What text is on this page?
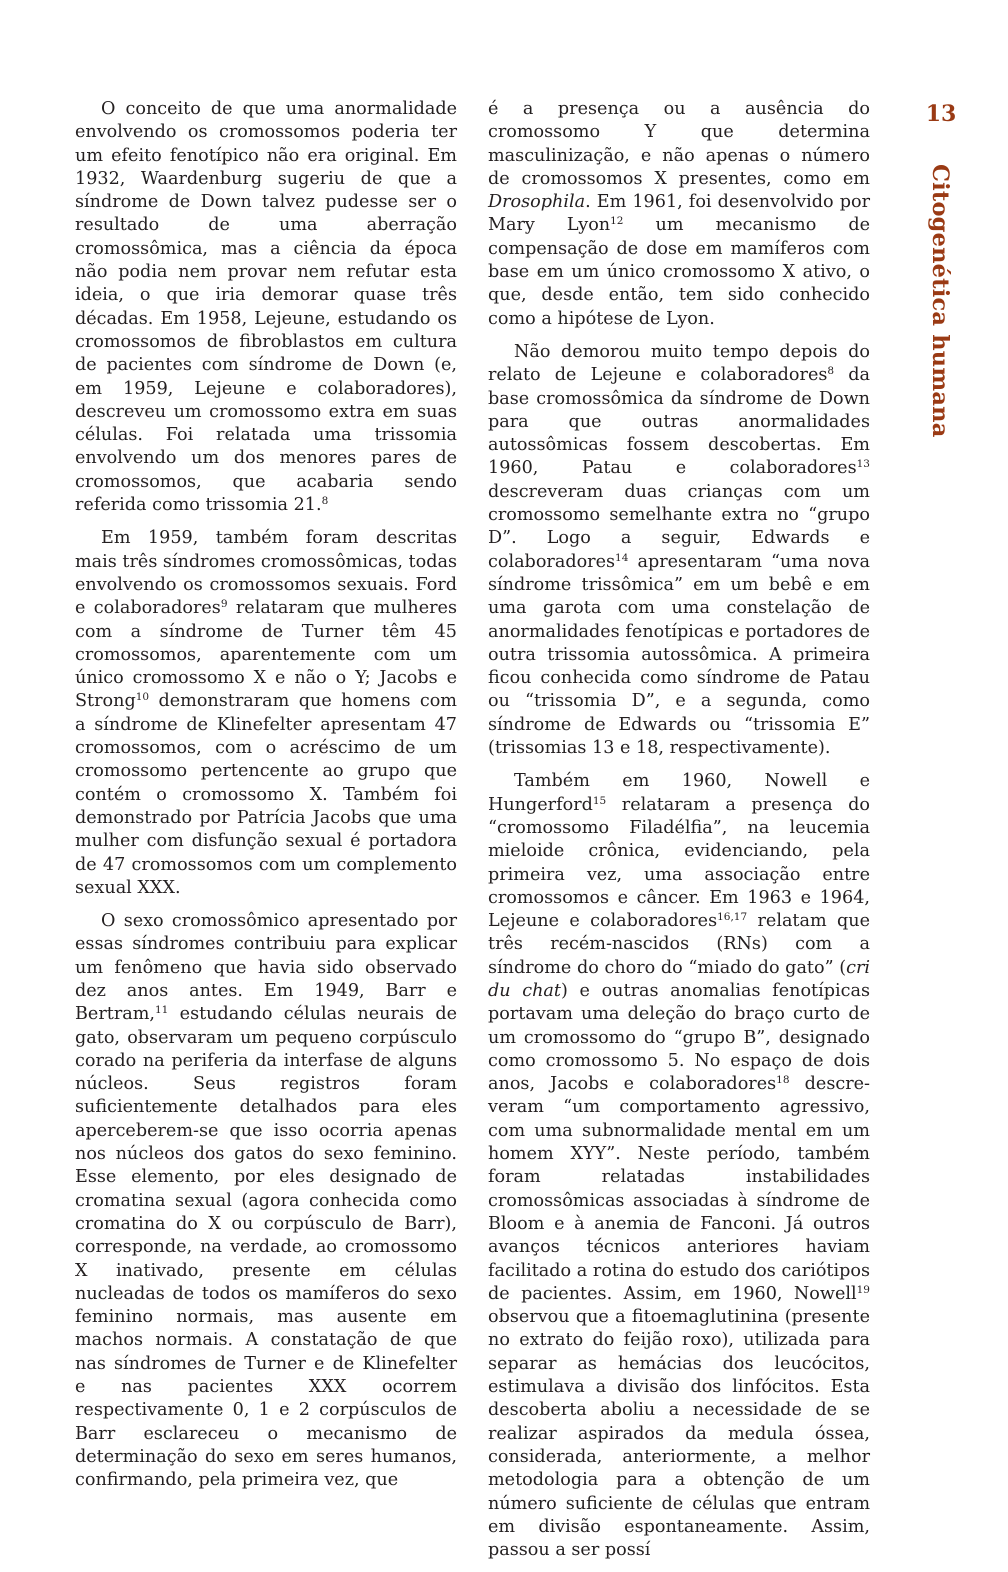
13
Citogenética humana

O conceito de que uma anormalidade envolvendo os cromossomos poderia ter um efeito fenotípico não era original. Em 1932, Waardenburg sugeriu de que a síndrome de Down talvez pudesse ser o resultado de uma aberração cromossômica, mas a ciência da época não podia nem provar nem refutar esta ideia, o que iria demorar quase três décadas. Em 1958, Lejeune, estudando os cromossomos de fibroblastos em cultura de pacientes com síndrome de Down (e, em 1959, Lejeune e colaboradores), descreveu um cromossomo extra em suas células. Foi relatada uma trissomia envolvendo um dos menores pares de cromossomos, que acabaria sendo referida como trissomia 21.$^8$

Em 1959, também foram descritas mais três síndromes cromossômicas, todas envolvendo os cromossomos sexuais. Ford e colaboradores$^9$ relataram que mulheres com a síndrome de Turner têm 45 cromossomos, aparentemente com um único cromossomo X e não o Y; Jacobs e Strong$^{10}$ demonstraram que homens com a síndrome de Klinefelter apresentam 47 cromossomos, com o acréscimo de um cromossomo pertencente ao grupo que contém o cromossomo X. Também foi demonstrado por Patrícia Jacobs que uma mulher com disfunção sexual é portadora de 47 cromossomos com um complemento sexual XXX.

O sexo cromossômico apresentado por essas síndromes contribuiu para explicar um fenômeno que havia sido observado dez anos antes. Em 1949, Barr e Bertram,$^{11}$ estudando células neurais de gato, observaram um pequeno corpúsculo corado na periferia da interfase de alguns núcleos. Seus registros foram suficientemente detalhados para eles aperceberem-se que isso ocorria apenas nos núcleos dos gatos do sexo feminino. Esse elemento, por eles designado de cromatina sexual (agora conhecida como cromatina do X ou corpúsculo de Barr), corresponde, na verdade, ao cromossomo X inativado, presente em células nucleadas de todos os mamíferos do sexo feminino normais, mas ausente em machos normais. A constatação de que nas síndromes de Turner e de Klinefelter e nas pacientes XXX ocorrem respectivamente 0, 1 e 2 corpúsculos de Barr esclareceu o mecanismo de determinação do sexo em seres humanos, confirmando, pela primeira vez, que

é a presença ou a ausência do cromossomo Y que determina masculinização, e não apenas o número de cromossomos X presentes, como em Drosophila. Em 1961, foi desenvolvido por Mary Lyon$^{12}$ um mecanismo de compensação de dose em mamíferos com base em um único cromossomo X ativo, o que, desde então, tem sido conhecido como a hipótese de Lyon.

Não demorou muito tempo depois do relato de Lejeune e colaboradores$^8$ da base cromossômica da síndrome de Down para que outras anormalidades autossômicas fossem descobertas. Em 1960, Patau e colaboradores$^{13}$ descreveram duas crianças com um cromossomo semelhante extra no “grupo D”. Logo a seguir, Edwards e colaboradores$^{14}$ apresentaram “uma nova síndrome trissômica” em um bebê e em uma garota com uma constelação de anormalidades fenotípicas e portadores de outra trissomia autossômica. A primeira ficou conhecida como síndrome de Patau ou “trissomia D”, e a segunda, como síndrome de Edwards ou “trissomia E” (trissomias 13 e 18, respectivamente).

Também em 1960, Nowell e Hungerford$^{15}$ relataram a presença do “cromossomo Filadélfia”, na leucemia mieloide crônica, evidenciando, pela primeira vez, uma associação entre cromossomos e câncer. Em 1963 e 1964, Lejeune e colaboradores$^{16,17}$ relatam que três recém-nascidos (RNs) com a síndrome do choro do “miado do gato” (cri du chat) e outras anomalias fenotípicas portavam uma deleção do braço curto de um cromossomo do “grupo B”, designado como cromossomo 5. No espaço de dois anos, Jacobs e colaboradores$^{18}$ descreveram “um comportamento agressivo, com uma subnormalidade mental em um homem XYY”. Neste período, também foram relatadas instabilidades cromossômicas associadas à síndrome de Bloom e à anemia de Fanconi. Já outros avanços técnicos anteriores haviam facilitado a rotina do estudo dos cariótipos de pacientes. Assim, em 1960, Nowell$^{19}$ observou que a fitoemaglutinina (presente no extrato do feijão roxo), utilizada para separar as hemácias dos leucócitos, estimulava a divisão dos linfócitos. Esta descoberta aboliu a necessidade de se realizar aspirados da medula óssea, considerada, anteriormente, a melhor metodologia para a obtenção de um número suficiente de células que entram em divisão espontaneamente. Assim, passou a ser possí
